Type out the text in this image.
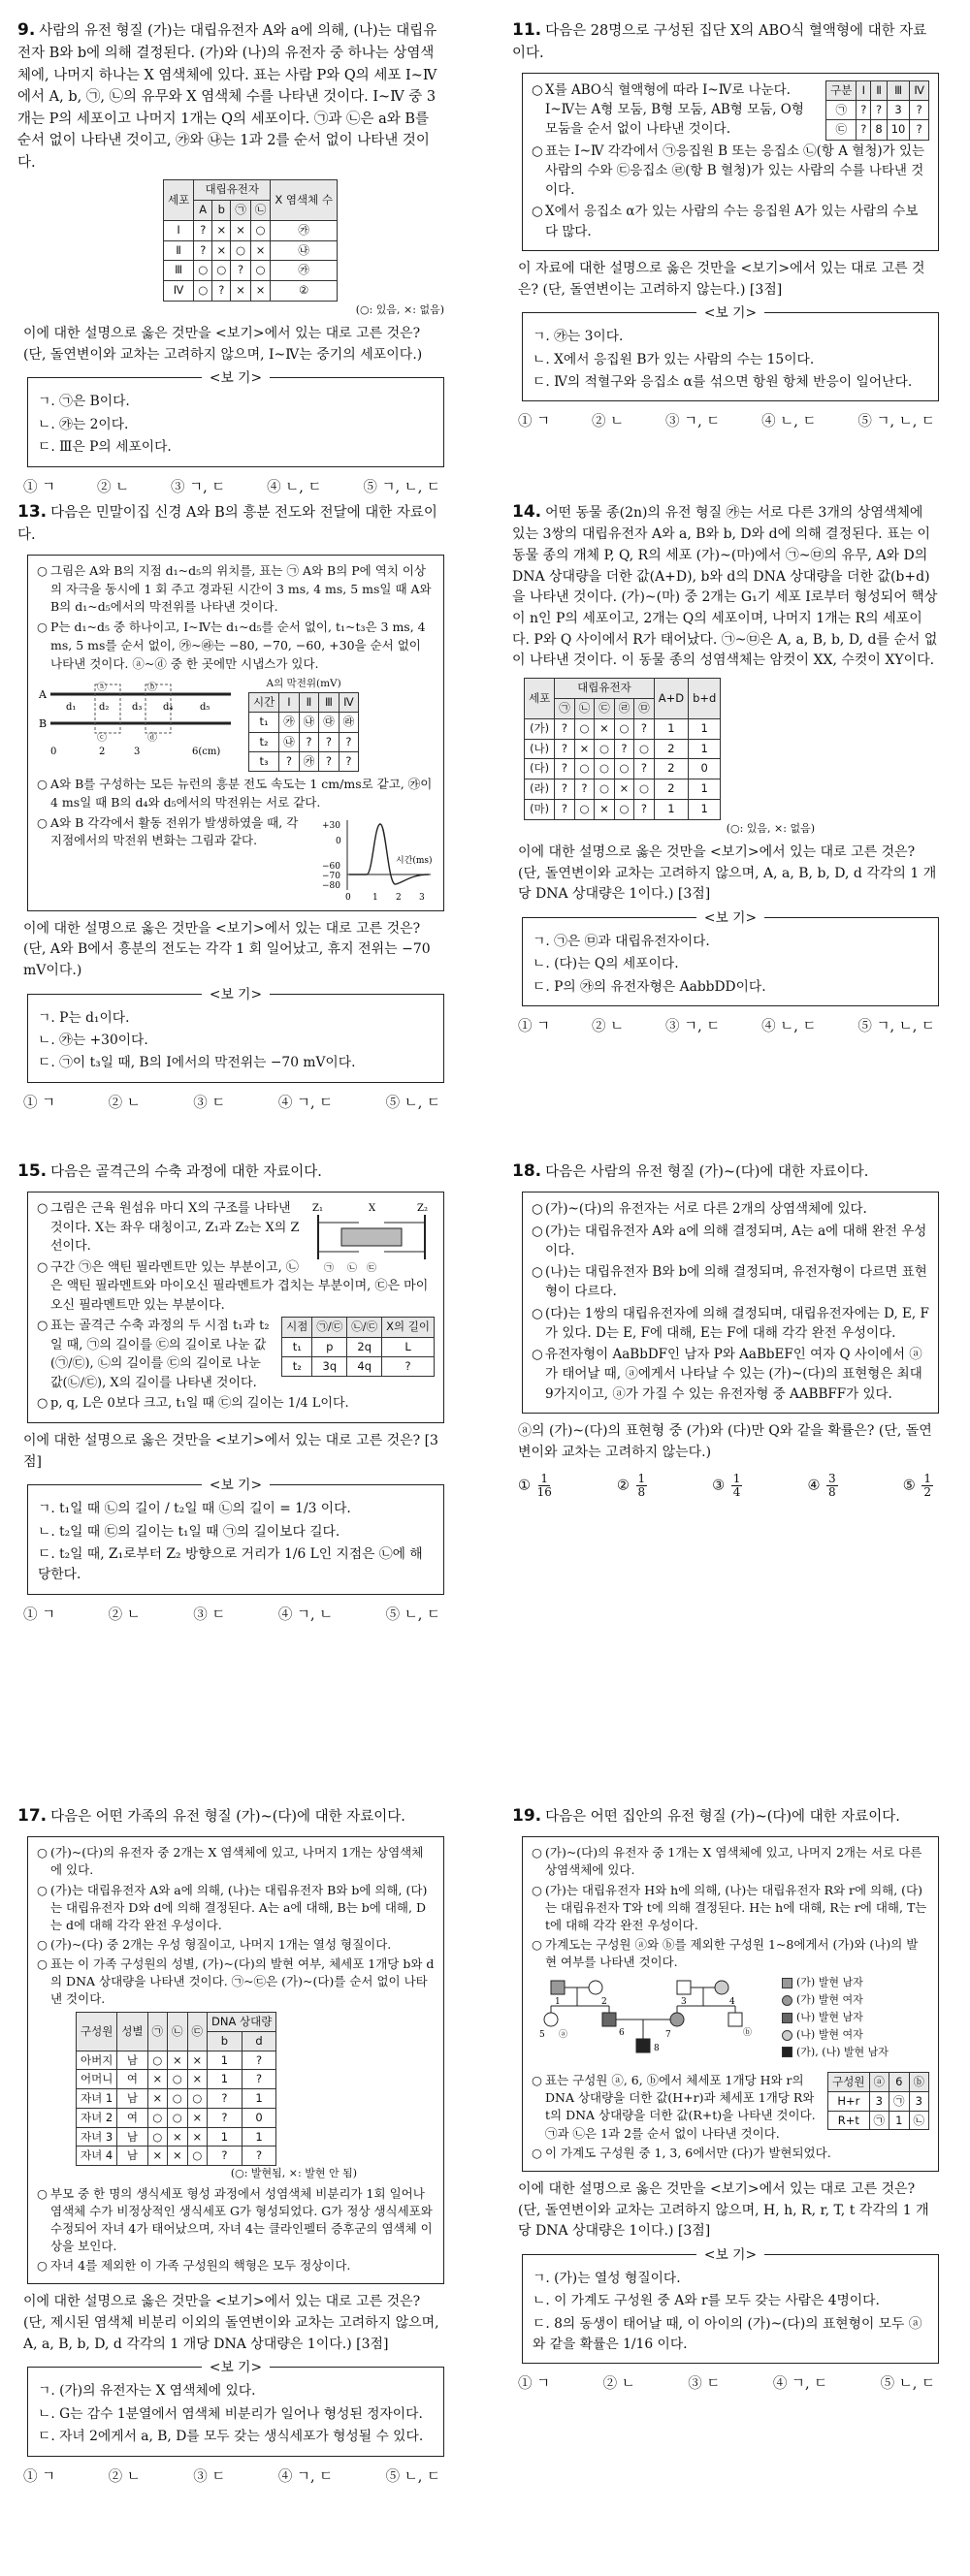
9. 사람의 유전 형질 (가)는 대립유전자 A와 a에 의해, (나)는 대립유전자 B와 b에 의해 결정된다. (가)와 (나)의 유전자 중 하나는 상염색체에, 나머지 하나는 X 염색체에 있다. 표는 사람 P와 Q의 세포 Ⅰ~Ⅳ에서 A, b, ㉠, ㉡의 유무와 X 염색체 수를 나타낸 것이다. Ⅰ~Ⅳ 중 3개는 P의 세포이고 나머지 1개는 Q의 세포이다. ㉠과 ㉡은 a와 B를 순서 없이 나타낸 것이고, ㉮와 ㉯는 1과 2를 순서 없이 나타낸 것이다.

세포	대립유전자				X 염색체 수
	A	b	㉠	㉡	
Ⅰ	?	×	×	○	㉮
Ⅱ	?	×	○	×	㉯
Ⅲ	○	○	?	○	㉮
Ⅳ	○	?	×	×	②
(○: 있음, ×: 없음)

이에 대한 설명으로 옳은 것만을 <보기>에서 있는 대로 고른 것은? (단, 돌연변이와 교차는 고려하지 않으며, Ⅰ~Ⅳ는 중기의 세포이다.)

<보 기>

ㄱ. ㉠은 B이다.

ㄴ. ㉮는 2이다.

ㄷ. Ⅲ은 P의 세포이다.

① ㄱ	② ㄴ	③ ㄱ, ㄷ	④ ㄴ, ㄷ	⑤ ㄱ, ㄴ, ㄷ

11. 다음은 28명으로 구성된 집단 X의 ABO식 혈액형에 대한 자료이다.

구분	Ⅰ	Ⅱ	Ⅲ	Ⅳ
㉠	?	?	3	?
㉢	?	8	10	?
○ X를 ABO식 혈액형에 따라 Ⅰ~Ⅳ로 나눈다. Ⅰ~Ⅳ는 A형 모둠, B형 모둠, AB형 모둠, O형 모둠을 순서 없이 나타낸 것이다.
○ 표는 Ⅰ~Ⅳ 각각에서 ㉠응집원 B 또는 응집소 ㉡(항 A 혈청)가 있는 사람의 수와 ㉢응집소 ㉣(항 B 혈청)가 있는 사람의 수를 나타낸 것이다.
○ X에서 응집소 α가 있는 사람의 수는 응집원 A가 있는 사람의 수보다 많다.

이 자료에 대한 설명으로 옳은 것만을 <보기>에서 있는 대로 고른 것은? (단, 돌연변이는 고려하지 않는다.) [3점]

<보 기>

ㄱ. ㉮는 3이다.

ㄴ. X에서 응집원 B가 있는 사람의 수는 15이다.

ㄷ. Ⅳ의 적혈구와 응집소 α를 섞으면 항원 항체 반응이 일어난다.

① ㄱ	② ㄴ	③ ㄱ, ㄷ	④ ㄴ, ㄷ	⑤ ㄱ, ㄴ, ㄷ

13. 다음은 민말이집 신경 A와 B의 흥분 전도와 전달에 대한 자료이다.

○ 그림은 A와 B의 지점 d₁~d₅의 위치를, 표는 ㉠ A와 B의 P에 역치 이상의 자극을 동시에 1 회 주고 경과된 시간이 3 ms, 4 ms, 5 ms일 때 A와 B의 d₁~d₅에서의 막전위를 나타낸 것이다.
○ P는 d₁~d₅ 중 하나이고, Ⅰ~Ⅳ는 d₁~d₅를 순서 없이, t₁~t₃은 3 ms, 4 ms, 5 ms를 순서 없이, ㉮~㉱는 −80, −70, −60, +30을 순서 없이 나타낸 것이다. ⓐ~ⓓ 중 한 곳에만 시냅스가 있다.
A
B
d₁ d₂ d₃ d₄	d₅
ⓐ	ⓑ
ⓒ	ⓓ
0	2	3	6(cm)
A의 막전위(mV)
시간	Ⅰ	Ⅱ	Ⅲ	Ⅳ
t₁	㉮	㉯	㉰	㉱
t₂	㉯	?	?	?
t₃	?	㉮	?	?
○ A와 B를 구성하는 모든 뉴런의 흥분 전도 속도는 1 cm/ms로 같고, ㉮이 4 ms일 때 B의 d₄와 d₅에서의 막전위는 서로 같다.
○ A와 B 각각에서 활동 전위가 발생하였을 때, 각 지점에서의 막전위 변화는 그림과 같다.
+30
0
−60
−70
−80
0 1 2 3
시간(ms)

이에 대한 설명으로 옳은 것만을 <보기>에서 있는 대로 고른 것은? (단, A와 B에서 흥분의 전도는 각각 1 회 일어났고, 휴지 전위는 −70 mV이다.)

<보 기>

ㄱ. P는 d₁이다.

ㄴ. ㉮는 +30이다.

ㄷ. ㉠이 t₃일 때, B의 Ⅰ에서의 막전위는 −70 mV이다.

① ㄱ	② ㄴ	③ ㄷ	④ ㄱ, ㄷ	⑤ ㄴ, ㄷ

14. 어떤 동물 종(2n)의 유전 형질 ㉮는 서로 다른 3개의 상염색체에 있는 3쌍의 대립유전자 A와 a, B와 b, D와 d에 의해 결정된다. 표는 이 동물 종의 개체 P, Q, R의 세포 (가)~(마)에서 ㉠~㉤의 유무, A와 D의 DNA 상대량을 더한 값(A+D), b와 d의 DNA 상대량을 더한 값(b+d)을 나타낸 것이다. (가)~(마) 중 2개는 G₁기 세포 I로부터 형성되어 핵상이 n인 P의 세포이고, 2개는 Q의 세포이며, 나머지 1개는 R의 세포이다. P와 Q 사이에서 R가 태어났다. ㉠~㉤은 A, a, B, b, D, d를 순서 없이 나타낸 것이다. 이 동물 종의 성염색체는 암컷이 XX, 수컷이 XY이다.

세포	대립유전자					A+D	b+d
	㉠	㉡	㉢	㉣	㉤		
(가)	?	○	×	○	?	1	1
(나)	?	×	○	?	○	2	1
(다)	?	○	○	○	?	2	0
(라)	?	?	○	×	○	2	1
(마)	?	○	×	○	?	1	1
(○: 있음, ×: 없음)

이에 대한 설명으로 옳은 것만을 <보기>에서 있는 대로 고른 것은? (단, 돌연변이와 교차는 고려하지 않으며, A, a, B, b, D, d 각각의 1 개당 DNA 상대량은 1이다.) [3점]

<보 기>

ㄱ. ㉠은 ㉤과 대립유전자이다.

ㄴ. (다)는 Q의 세포이다.

ㄷ. P의 ㉮의 유전자형은 AabbDD이다.

① ㄱ	② ㄴ	③ ㄱ, ㄷ	④ ㄴ, ㄷ	⑤ ㄱ, ㄴ, ㄷ

15. 다음은 골격근의 수축 과정에 대한 자료이다.

Z₁	Z₂
X
㉠ ㉡ ㉢
○ 그림은 근육 원섬유 마디 X의 구조를 나타낸 것이다. X는 좌우 대칭이고, Z₁과 Z₂는 X의 Z선이다.
○ 구간 ㉠은 액틴 필라멘트만 있는 부분이고, ㉡은 액틴 필라멘트와 마이오신 필라멘트가 겹치는 부분이며, ㉢은 마이오신 필라멘트만 있는 부분이다.
시점	㉠/㉢	㉡/㉢	X의 길이
t₁	p	2q	L
t₂	3q	4q	?
○ 표는 골격근 수축 과정의 두 시점 t₁과 t₂일 때, ㉠의 길이를 ㉢의 길이로 나눈 값(㉠/㉢), ㉡의 길이를 ㉢의 길이로 나눈 값(㉡/㉢), X의 길이를 나타낸 것이다.
○ p, q, L은 0보다 크고, t₁일 때 ㉢의 길이는 1/4 L이다.

이에 대한 설명으로 옳은 것만을 <보기>에서 있는 대로 고른 것은? [3점]

<보 기>

ㄱ. t₁일 때 ㉡의 길이 / t₂일 때 ㉡의 길이 = 1/3 이다.

ㄴ. t₂일 때 ㉢의 길이는 t₁일 때 ㉠의 길이보다 길다.

ㄷ. t₂일 때, Z₁로부터 Z₂ 방향으로 거리가 1/6 L인 지점은 ㉡에 해당한다.

① ㄱ	② ㄴ	③ ㄷ	④ ㄱ, ㄴ	⑤ ㄴ, ㄷ

18. 다음은 사람의 유전 형질 (가)~(다)에 대한 자료이다.

○ (가)~(다)의 유전자는 서로 다른 2개의 상염색체에 있다.
○ (가)는 대립유전자 A와 a에 의해 결정되며, A는 a에 대해 완전 우성이다.
○ (나)는 대립유전자 B와 b에 의해 결정되며, 유전자형이 다르면 표현형이 다르다.
○ (다)는 1쌍의 대립유전자에 의해 결정되며, 대립유전자에는 D, E, F가 있다. D는 E, F에 대해, E는 F에 대해 각각 완전 우성이다.
○ 유전자형이 AaBbDF인 남자 P와 AaBbEF인 여자 Q 사이에서 ⓐ가 태어날 때, ⓐ에게서 나타날 수 있는 (가)~(다)의 표현형은 최대 9가지이고, ⓐ가 가질 수 있는 유전자형 중 AABBFF가 있다.

ⓐ의 (가)~(다)의 표현형 중 (가)와 (다)만 Q와 같을 확률은? (단, 돌연변이와 교차는 고려하지 않는다.)

① $\frac{1}{16}$	② $\frac{1}{8}$	③ $\frac{1}{4}$	④ $\frac{3}{8}$	⑤ $\frac{1}{2}$

17. 다음은 어떤 가족의 유전 형질 (가)~(다)에 대한 자료이다.

○ (가)~(다)의 유전자 중 2개는 X 염색체에 있고, 나머지 1개는 상염색체에 있다.
○ (가)는 대립유전자 A와 a에 의해, (나)는 대립유전자 B와 b에 의해, (다)는 대립유전자 D와 d에 의해 결정된다. A는 a에 대해, B는 b에 대해, D는 d에 대해 각각 완전 우성이다.
○ (가)~(다) 중 2개는 우성 형질이고, 나머지 1개는 열성 형질이다.
○ 표는 이 가족 구성원의 성별, (가)~(다)의 발현 여부, 체세포 1개당 b와 d의 DNA 상대량을 나타낸 것이다. ㉠~㉢은 (가)~(다)를 순서 없이 나타낸 것이다.
구성원	성별	㉠	㉡	㉢	DNA 상대량	
					b	d
아버지	남	○	×	×	1	?
어머니	여	×	○	×	1	?
자녀 1	남	×	○	○	?	1
자녀 2	여	○	○	×	?	0
자녀 3	남	○	×	×	1	1
자녀 4	남	×	×	○	?	?
(○: 발현됨, ×: 발현 안 됨)
○ 부모 중 한 명의 생식세포 형성 과정에서 성염색체 비분리가 1회 일어나 염색체 수가 비정상적인 생식세포 G가 형성되었다. G가 정상 생식세포와 수정되어 자녀 4가 태어났으며, 자녀 4는 클라인펠터 증후군의 염색체 이상을 보인다.
○ 자녀 4를 제외한 이 가족 구성원의 핵형은 모두 정상이다.

이에 대한 설명으로 옳은 것만을 <보기>에서 있는 대로 고른 것은? (단, 제시된 염색체 비분리 이외의 돌연변이와 교차는 고려하지 않으며, A, a, B, b, D, d 각각의 1 개당 DNA 상대량은 1이다.) [3점]

<보 기>

ㄱ. (가)의 유전자는 X 염색체에 있다.

ㄴ. G는 감수 1분열에서 염색체 비분리가 일어나 형성된 정자이다.

ㄷ. 자녀 2에게서 a, B, D를 모두 갖는 생식세포가 형성될 수 있다.

① ㄱ	② ㄴ	③ ㄷ	④ ㄱ, ㄷ	⑤ ㄴ, ㄷ

19. 다음은 어떤 집안의 유전 형질 (가)~(다)에 대한 자료이다.

○ (가)~(다)의 유전자 중 1개는 X 염색체에 있고, 나머지 2개는 서로 다른 상염색체에 있다.
○ (가)는 대립유전자 H와 h에 의해, (나)는 대립유전자 R와 r에 의해, (다)는 대립유전자 T와 t에 의해 결정된다. H는 h에 대해, R는 r에 대해, T는 t에 대해 각각 완전 우성이다.
○ 가계도는 구성원 ⓐ와 ⓑ를 제외한 구성원 1~8에게서 (가)와 (나)의 발현 여부를 나타낸 것이다.
1	2	3	4
5	6	7
8
ⓐ	ⓑ
(가) 발현 남자
(가) 발현 여자
(나) 발현 남자
(나) 발현 여자
(가), (나) 발현 남자
구성원	ⓐ	6	ⓑ
H+r	3	㉠	3
R+t	㉠	1	㉡
○ 표는 구성원 ⓐ, 6, ⓑ에서 체세포 1개당 H와 r의 DNA 상대량을 더한 값(H+r)과 체세포 1개당 R와 t의 DNA 상대량을 더한 값(R+t)을 나타낸 것이다. ㉠과 ㉡은 1과 2를 순서 없이 나타낸 것이다.
○ 이 가계도 구성원 중 1, 3, 6에서만 (다)가 발현되었다.

이에 대한 설명으로 옳은 것만을 <보기>에서 있는 대로 고른 것은? (단, 돌연변이와 교차는 고려하지 않으며, H, h, R, r, T, t 각각의 1 개당 DNA 상대량은 1이다.) [3점]

<보 기>

ㄱ. (가)는 열성 형질이다.

ㄴ. 이 가계도 구성원 중 A와 r를 모두 갖는 사람은 4명이다.

ㄷ. 8의 동생이 태어날 때, 이 아이의 (가)~(다)의 표현형이 모두 ⓐ와 같을 확률은 1/16 이다.

① ㄱ	② ㄴ	③ ㄷ	④ ㄱ, ㄷ	⑤ ㄴ, ㄷ
